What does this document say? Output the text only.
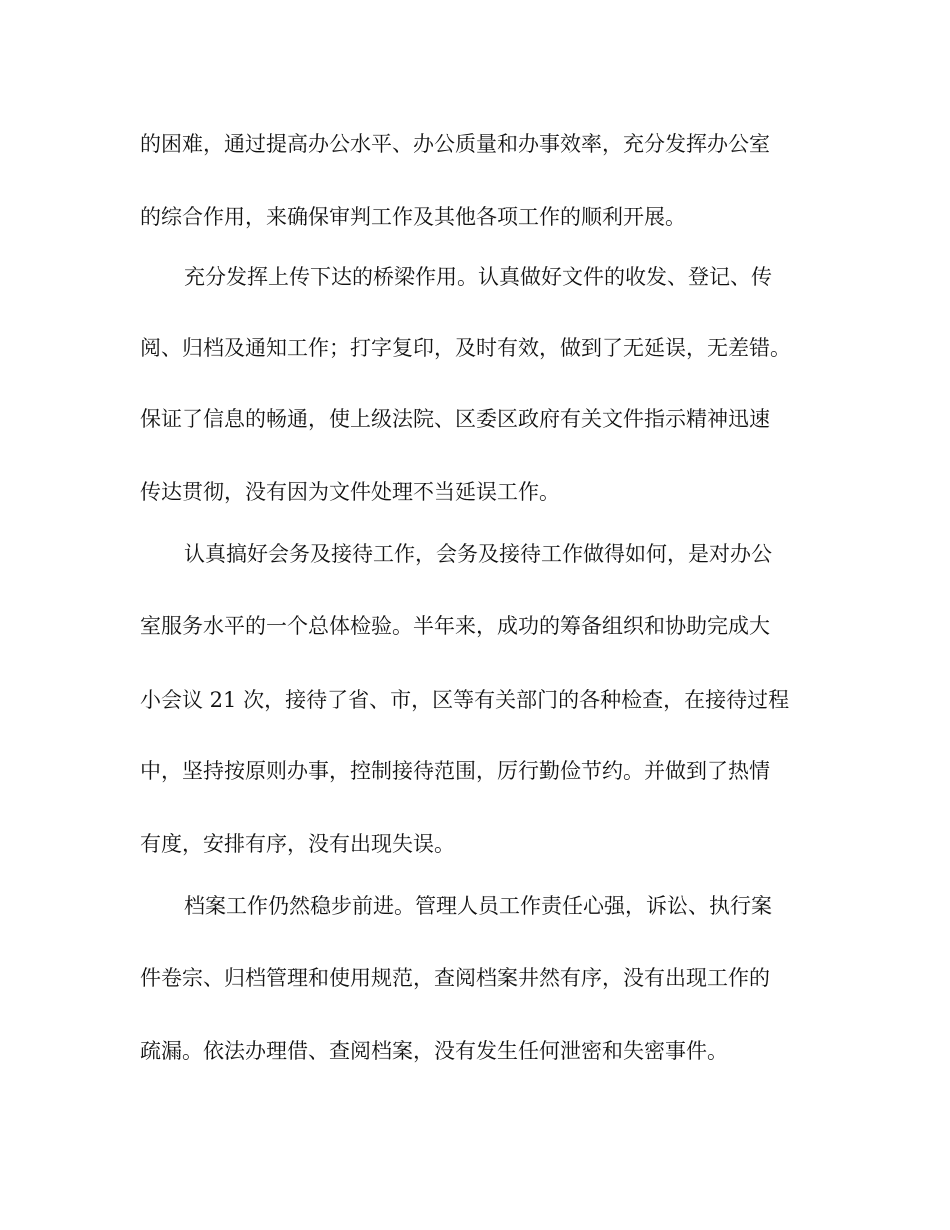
的困难，通过提高办公水平、办公质量和办事效率，充分发挥办公室

的综合作用，来确保审判工作及其他各项工作的顺利开展。

充分发挥上传下达的桥梁作用。认真做好文件的收发、登记、传

阅、归档及通知工作；打字复印，及时有效，做到了无延误，无差错。

保证了信息的畅通，使上级法院、区委区政府有关文件指示精神迅速

传达贯彻，没有因为文件处理不当延误工作。

认真搞好会务及接待工作，会务及接待工作做得如何，是对办公

室服务水平的一个总体检验。半年来，成功的筹备组织和协助完成大

小会议 21 次，接待了省、市，区等有关部门的各种检查，在接待过程

中，坚持按原则办事，控制接待范围，厉行勤俭节约。并做到了热情

有度，安排有序，没有出现失误。

档案工作仍然稳步前进。管理人员工作责任心强，诉讼、执行案

件卷宗、归档管理和使用规范，查阅档案井然有序，没有出现工作的

疏漏。依法办理借、查阅档案，没有发生任何泄密和失密事件。
